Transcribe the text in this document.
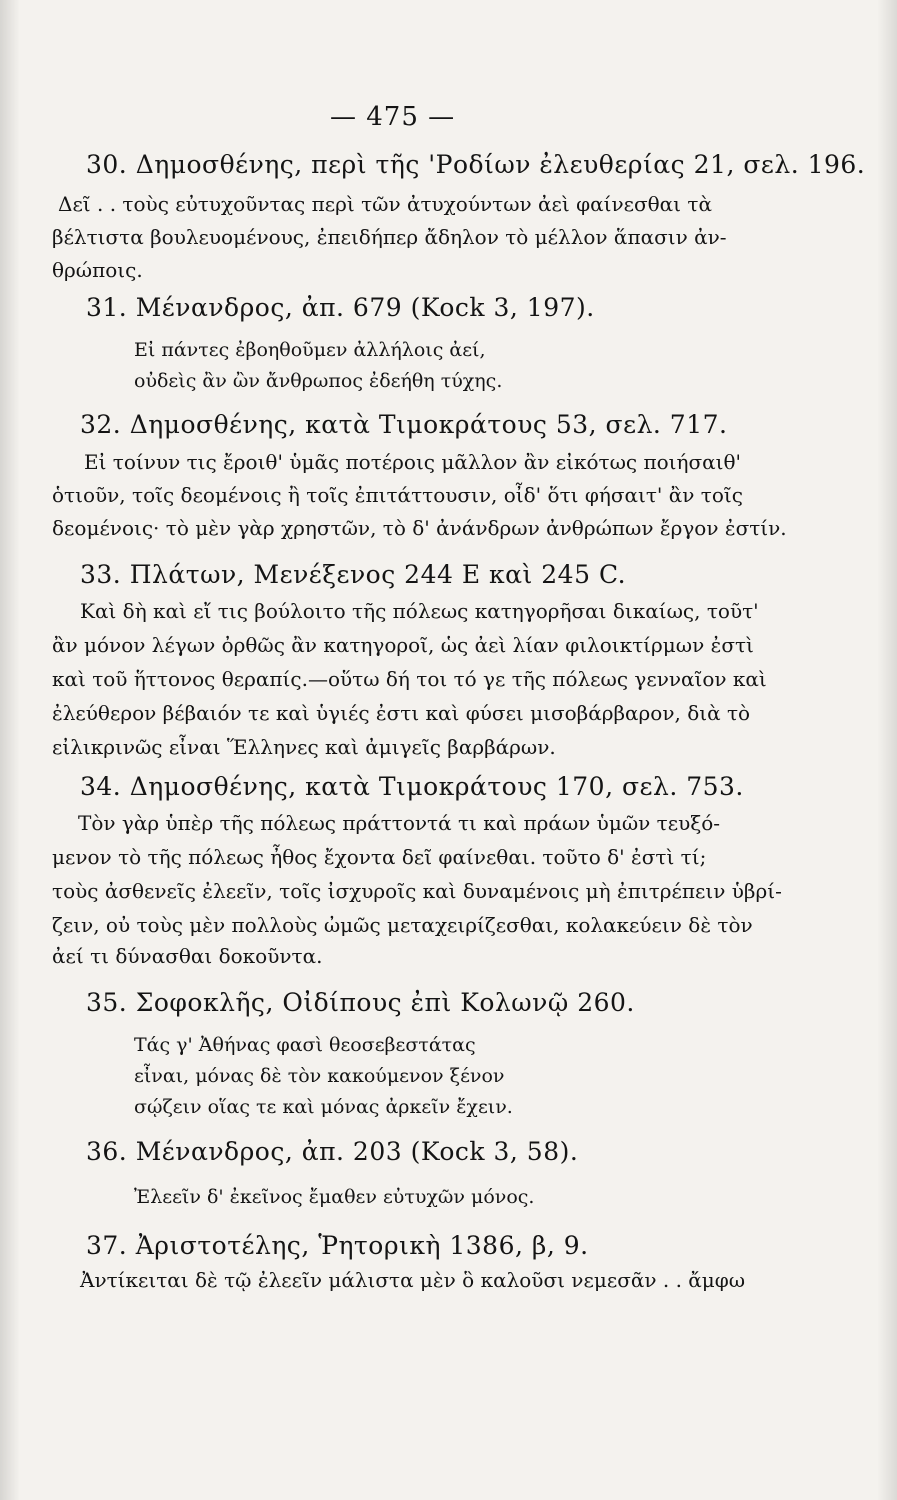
— 475 —
30. Δημοσθένης, περὶ τῆς 'Ροδίων ἐλευθερίας 21, σελ. 196.
Δεῖ . . τοὺς εὐτυχοῦντας περὶ τῶν ἀτυχούντων ἀεὶ φαίνεσθαι τὰ
βέλτιστα βουλευομένους, ἐπειδήπερ ἄδηλον τὸ μέλλον ἅπασιν ἀν-
θρώποις.
31. Μένανδρος, ἀπ. 679 (Kock 3, 197).
Εἰ πάντες ἐβοηθοῦμεν ἀλλήλοις ἀεί,
οὐδεὶς ἂν ὢν ἄνθρωπος ἐδεήθη τύχης.
32. Δημοσθένης, κατὰ Τιμοκράτους 53, σελ. 717.
Εἰ τοίνυν τις ἔροιθ' ὑμᾶς ποτέροις μᾶλλον ἂν εἰκότως ποιήσαιθ'
ὁτιοῦν, τοῖς δεομένοις ἢ τοῖς ἐπιτάττουσιν, οἶδ' ὅτι φήσαιτ' ἂν τοῖς
δεομένοις· τὸ μὲν γὰρ χρηστῶν, τὸ δ' ἀνάνδρων ἀνθρώπων ἔργον ἐστίν.
33. Πλάτων, Μενέξενος 244 E καὶ 245 C.
Καὶ δὴ καὶ εἴ τις βούλοιτο τῆς πόλεως κατηγορῆσαι δικαίως, τοῦτ'
ἂν μόνον λέγων ὀρθῶς ἂν κατηγοροῖ, ὡς ἀεὶ λίαν φιλοικτίρμων ἐστὶ
καὶ τοῦ ἥττονος θεραπίς.—οὕτω δή τοι τό γε τῆς πόλεως γενναῖον καὶ
ἐλεύθερον βέβαιόν τε καὶ ὑγιές ἐστι καὶ φύσει μισοβάρβαρον, διὰ τὸ
εἰλικρινῶς εἶναι Ἕλληνες καὶ ἀμιγεῖς βαρβάρων.
34. Δημοσθένης, κατὰ Τιμοκράτους 170, σελ. 753.
Τὸν γὰρ ὑπὲρ τῆς πόλεως πράττοντά τι καὶ πράων ὑμῶν τευξό-
μενον τὸ τῆς πόλεως ἦθος ἔχοντα δεῖ φαίνεθαι. τοῦτο δ' ἐστὶ τί;
τοὺς ἀσθενεῖς ἐλεεῖν, τοῖς ἰσχυροῖς καὶ δυναμένοις μὴ ἐπιτρέπειν ὑβρί-
ζειν, οὐ τοὺς μὲν πολλοὺς ὠμῶς μεταχειρίζεσθαι, κολακεύειν δὲ τὸν
ἀεί τι δύνασθαι δοκοῦντα.
35. Σοφοκλῆς, Οἰδίπους ἐπὶ Κολωνῷ 260.
Τάς γ' Ἀθήνας φασὶ θεοσεβεστάτας
εἶναι, μόνας δὲ τὸν κακούμενον ξένον
σῴζειν οἵας τε καὶ μόνας ἀρκεῖν ἔχειν.
36. Μένανδρος, ἀπ. 203 (Kock 3, 58).
Ἐλεεῖν δ' ἐκεῖνος ἔμαθεν εὐτυχῶν μόνος.
37. Ἀριστοτέλης, Ῥητορικὴ 1386, β, 9.
Ἀντίκειται δὲ τῷ ἐλεεῖν μάλιστα μὲν ὃ καλοῦσι νεμεσᾶν . . ἄμφω
